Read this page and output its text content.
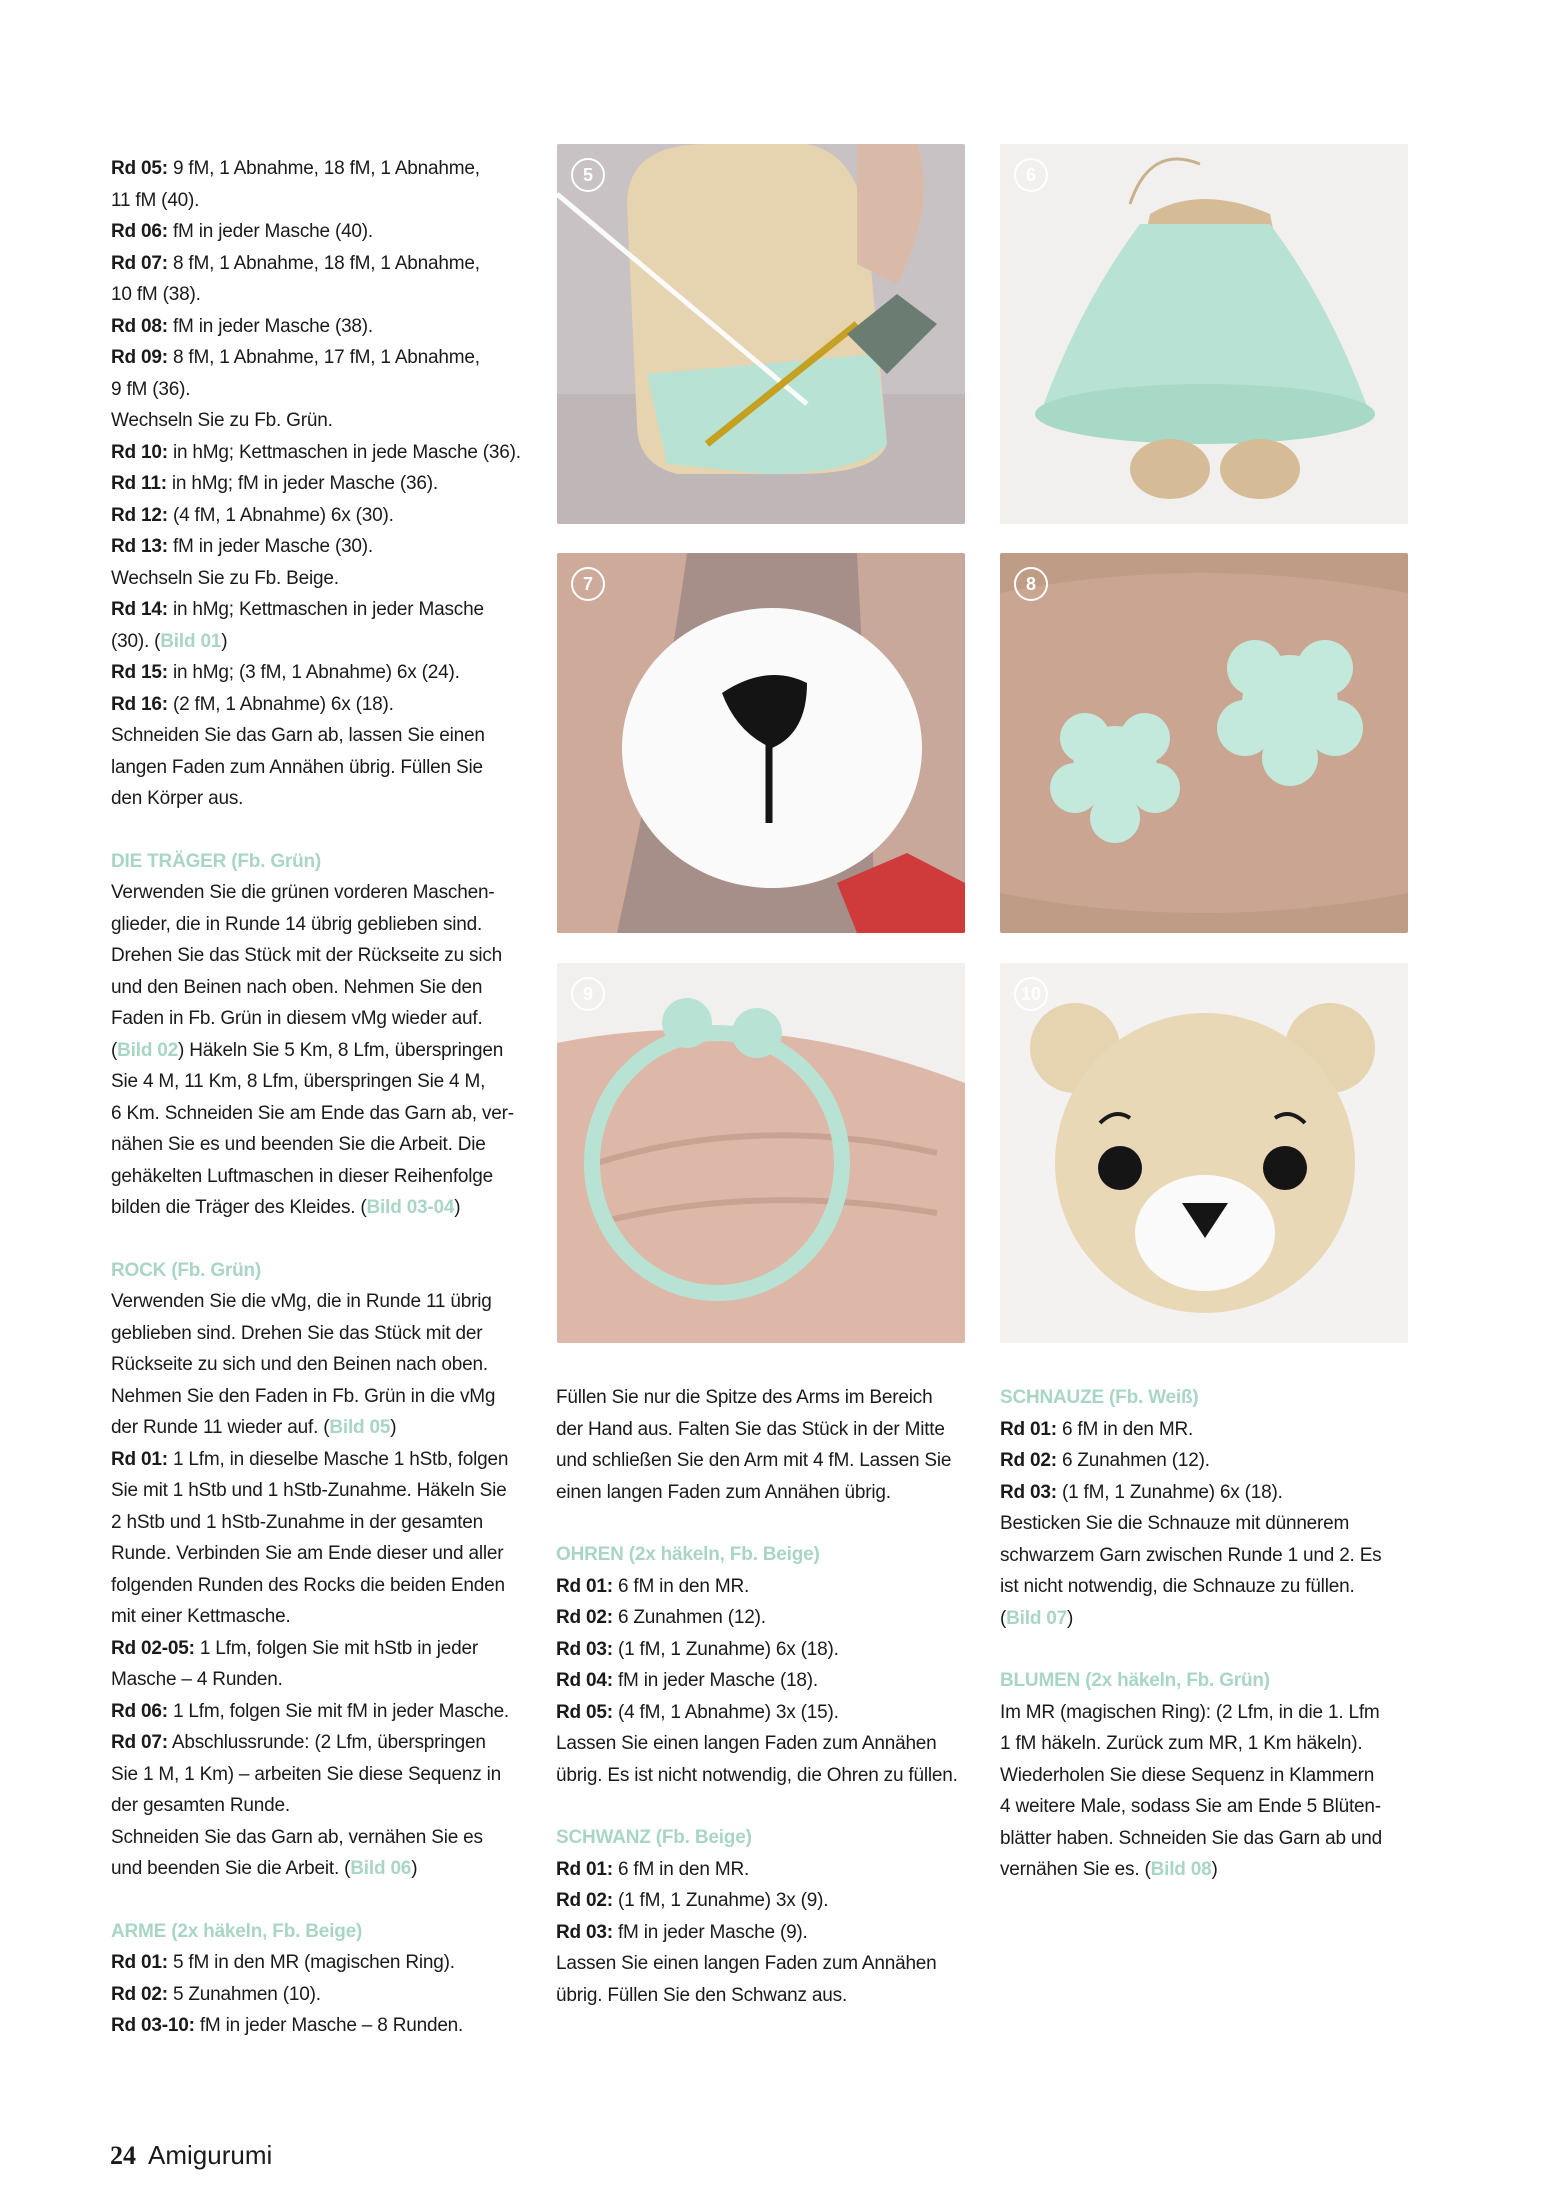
Rd 05: 9 fM, 1 Abnahme, 18 fM, 1 Abnahme,

11 fM (40).

Rd 06: fM in jeder Masche (40).

Rd 07: 8 fM, 1 Abnahme, 18 fM, 1 Abnahme,

10 fM (38).

Rd 08: fM in jeder Masche (38).

Rd 09: 8 fM, 1 Abnahme, 17 fM, 1 Abnahme,

9 fM (36).

Wechseln Sie zu Fb. Grün.

Rd 10: in hMg; Kettmaschen in jede Masche (36).

Rd 11: in hMg; fM in jeder Masche (36).

Rd 12: (4 fM, 1 Abnahme) 6x (30).

Rd 13: fM in jeder Masche (30).

Wechseln Sie zu Fb. Beige.

Rd 14: in hMg; Kettmaschen in jeder Masche

(30). (Bild 01)

Rd 15: in hMg; (3 fM, 1 Abnahme) 6x (24).

Rd 16: (2 fM, 1 Abnahme) 6x (18).

Schneiden Sie das Garn ab, lassen Sie einen

langen Faden zum Annähen übrig. Füllen Sie

den Körper aus.

DIE TRÄGER (Fb. Grün)

Verwenden Sie die grünen vorderen Maschen-

glieder, die in Runde 14 übrig geblieben sind.

Drehen Sie das Stück mit der Rückseite zu sich

und den Beinen nach oben. Nehmen Sie den

Faden in Fb. Grün in diesem vMg wieder auf.

(Bild 02) Häkeln Sie 5 Km, 8 Lfm, überspringen

Sie 4 M, 11 Km, 8 Lfm, überspringen Sie 4 M,

6 Km. Schneiden Sie am Ende das Garn ab, ver-

nähen Sie es und beenden Sie die Arbeit. Die

gehäkelten Luftmaschen in dieser Reihenfolge

bilden die Träger des Kleides. (Bild 03-04)

ROCK (Fb. Grün)

Verwenden Sie die vMg, die in Runde 11 übrig

geblieben sind. Drehen Sie das Stück mit der

Rückseite zu sich und den Beinen nach oben.

Nehmen Sie den Faden in Fb. Grün in die vMg

der Runde 11 wieder auf. (Bild 05)

Rd 01: 1 Lfm, in dieselbe Masche 1 hStb, folgen

Sie mit 1 hStb und 1 hStb-Zunahme. Häkeln Sie

2 hStb und 1 hStb-Zunahme in der gesamten

Runde. Verbinden Sie am Ende dieser und aller

folgenden Runden des Rocks die beiden Enden

mit einer Kettmasche.

Rd 02-05: 1 Lfm, folgen Sie mit hStb in jeder

Masche – 4 Runden.

Rd 06: 1 Lfm, folgen Sie mit fM in jeder Masche.

Rd 07: Abschlussrunde: (2 Lfm, überspringen

Sie 1 M, 1 Km) – arbeiten Sie diese Sequenz in

der gesamten Runde.

Schneiden Sie das Garn ab, vernähen Sie es

und beenden Sie die Arbeit. (Bild 06)

ARME (2x häkeln, Fb. Beige)

Rd 01: 5 fM in den MR (magischen Ring).

Rd 02: 5 Zunahmen (10).

Rd 03-10: fM in jeder Masche – 8 Runden.

Füllen Sie nur die Spitze des Arms im Bereich

der Hand aus. Falten Sie das Stück in der Mitte

und schließen Sie den Arm mit 4 fM. Lassen Sie

einen langen Faden zum Annähen übrig.

OHREN (2x häkeln, Fb. Beige)

Rd 01: 6 fM in den MR.

Rd 02: 6 Zunahmen (12).

Rd 03: (1 fM, 1 Zunahme) 6x (18).

Rd 04: fM in jeder Masche (18).

Rd 05: (4 fM, 1 Abnahme) 3x (15).

Lassen Sie einen langen Faden zum Annähen

übrig. Es ist nicht notwendig, die Ohren zu füllen.

SCHWANZ (Fb. Beige)

Rd 01: 6 fM in den MR.

Rd 02: (1 fM, 1 Zunahme) 3x (9).

Rd 03: fM in jeder Masche (9).

Lassen Sie einen langen Faden zum Annähen

übrig. Füllen Sie den Schwanz aus.

SCHNAUZE (Fb. Weiß)

Rd 01: 6 fM in den MR.

Rd 02: 6 Zunahmen (12).

Rd 03: (1 fM, 1 Zunahme) 6x (18).

Besticken Sie die Schnauze mit dünnerem

schwarzem Garn zwischen Runde 1 und 2. Es

ist nicht notwendig, die Schnauze zu füllen.

(Bild 07)

BLUMEN (2x häkeln, Fb. Grün)

Im MR (magischen Ring): (2 Lfm, in die 1. Lfm

1 fM häkeln. Zurück zum MR, 1 Km häkeln).

Wiederholen Sie diese Sequenz in Klammern

4 weitere Male, sodass Sie am Ende 5 Blüten-

blätter haben. Schneiden Sie das Garn ab und

vernähen Sie es. (Bild 08)

5	6
7	8
9	10
24 Amigurumi
